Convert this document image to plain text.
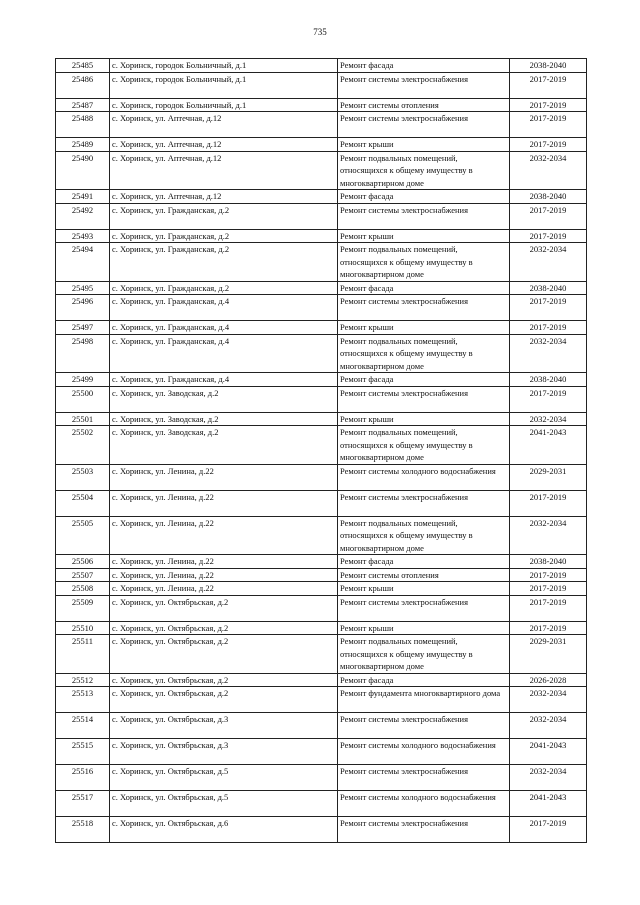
735
25485	с. Хоринск, городок Больничный, д.1	Ремонт фасада	2038-2040
25486	с. Хоринск, городок Больничный, д.1	Ремонт системы электроснабжения	2017-2019
25487	с. Хоринск, городок Больничный, д.1	Ремонт системы отопления	2017-2019
25488	с. Хоринск, ул. Аптечная, д.12	Ремонт системы электроснабжения	2017-2019
25489	с. Хоринск, ул. Аптечная, д.12	Ремонт крыши	2017-2019
25490	с. Хоринск, ул. Аптечная, д.12	Ремонт подвальных помещений, относящихся к общему имуществу в многоквартирном доме	2032-2034
25491	с. Хоринск, ул. Аптечная, д.12	Ремонт фасада	2038-2040
25492	с. Хоринск, ул. Гражданская, д.2	Ремонт системы электроснабжения	2017-2019
25493	с. Хоринск, ул. Гражданская, д.2	Ремонт крыши	2017-2019
25494	с. Хоринск, ул. Гражданская, д.2	Ремонт подвальных помещений, относящихся к общему имуществу в многоквартирном доме	2032-2034
25495	с. Хоринск, ул. Гражданская, д.2	Ремонт фасада	2038-2040
25496	с. Хоринск, ул. Гражданская, д.4	Ремонт системы электроснабжения	2017-2019
25497	с. Хоринск, ул. Гражданская, д.4	Ремонт крыши	2017-2019
25498	с. Хоринск, ул. Гражданская, д.4	Ремонт подвальных помещений, относящихся к общему имуществу в многоквартирном доме	2032-2034
25499	с. Хоринск, ул. Гражданская, д.4	Ремонт фасада	2038-2040
25500	с. Хоринск, ул. Заводская, д.2	Ремонт системы электроснабжения	2017-2019
25501	с. Хоринск, ул. Заводская, д.2	Ремонт крыши	2032-2034
25502	с. Хоринск, ул. Заводская, д.2	Ремонт подвальных помещений, относящихся к общему имуществу в многоквартирном доме	2041-2043
25503	с. Хоринск, ул. Ленина, д.22	Ремонт системы холодного водоснабжения	2029-2031
25504	с. Хоринск, ул. Ленина, д.22	Ремонт системы электроснабжения	2017-2019
25505	с. Хоринск, ул. Ленина, д.22	Ремонт подвальных помещений, относящихся к общему имуществу в многоквартирном доме	2032-2034
25506	с. Хоринск, ул. Ленина, д.22	Ремонт фасада	2038-2040
25507	с. Хоринск, ул. Ленина, д.22	Ремонт системы отопления	2017-2019
25508	с. Хоринск, ул. Ленина, д.22	Ремонт крыши	2017-2019
25509	с. Хоринск, ул. Октябрьская, д.2	Ремонт системы электроснабжения	2017-2019
25510	с. Хоринск, ул. Октябрьская, д.2	Ремонт крыши	2017-2019
25511	с. Хоринск, ул. Октябрьская, д.2	Ремонт подвальных помещений, относящихся к общему имуществу в многоквартирном доме	2029-2031
25512	с. Хоринск, ул. Октябрьская, д.2	Ремонт фасада	2026-2028
25513	с. Хоринск, ул. Октябрьская, д.2	Ремонт фундамента многоквартирного дома	2032-2034
25514	с. Хоринск, ул. Октябрьская, д.3	Ремонт системы электроснабжения	2032-2034
25515	с. Хоринск, ул. Октябрьская, д.3	Ремонт системы холодного водоснабжения	2041-2043
25516	с. Хоринск, ул. Октябрьская, д.5	Ремонт системы электроснабжения	2032-2034
25517	с. Хоринск, ул. Октябрьская, д.5	Ремонт системы холодного водоснабжения	2041-2043
25518	с. Хоринск, ул. Октябрьская, д.6	Ремонт системы электроснабжения	2017-2019
